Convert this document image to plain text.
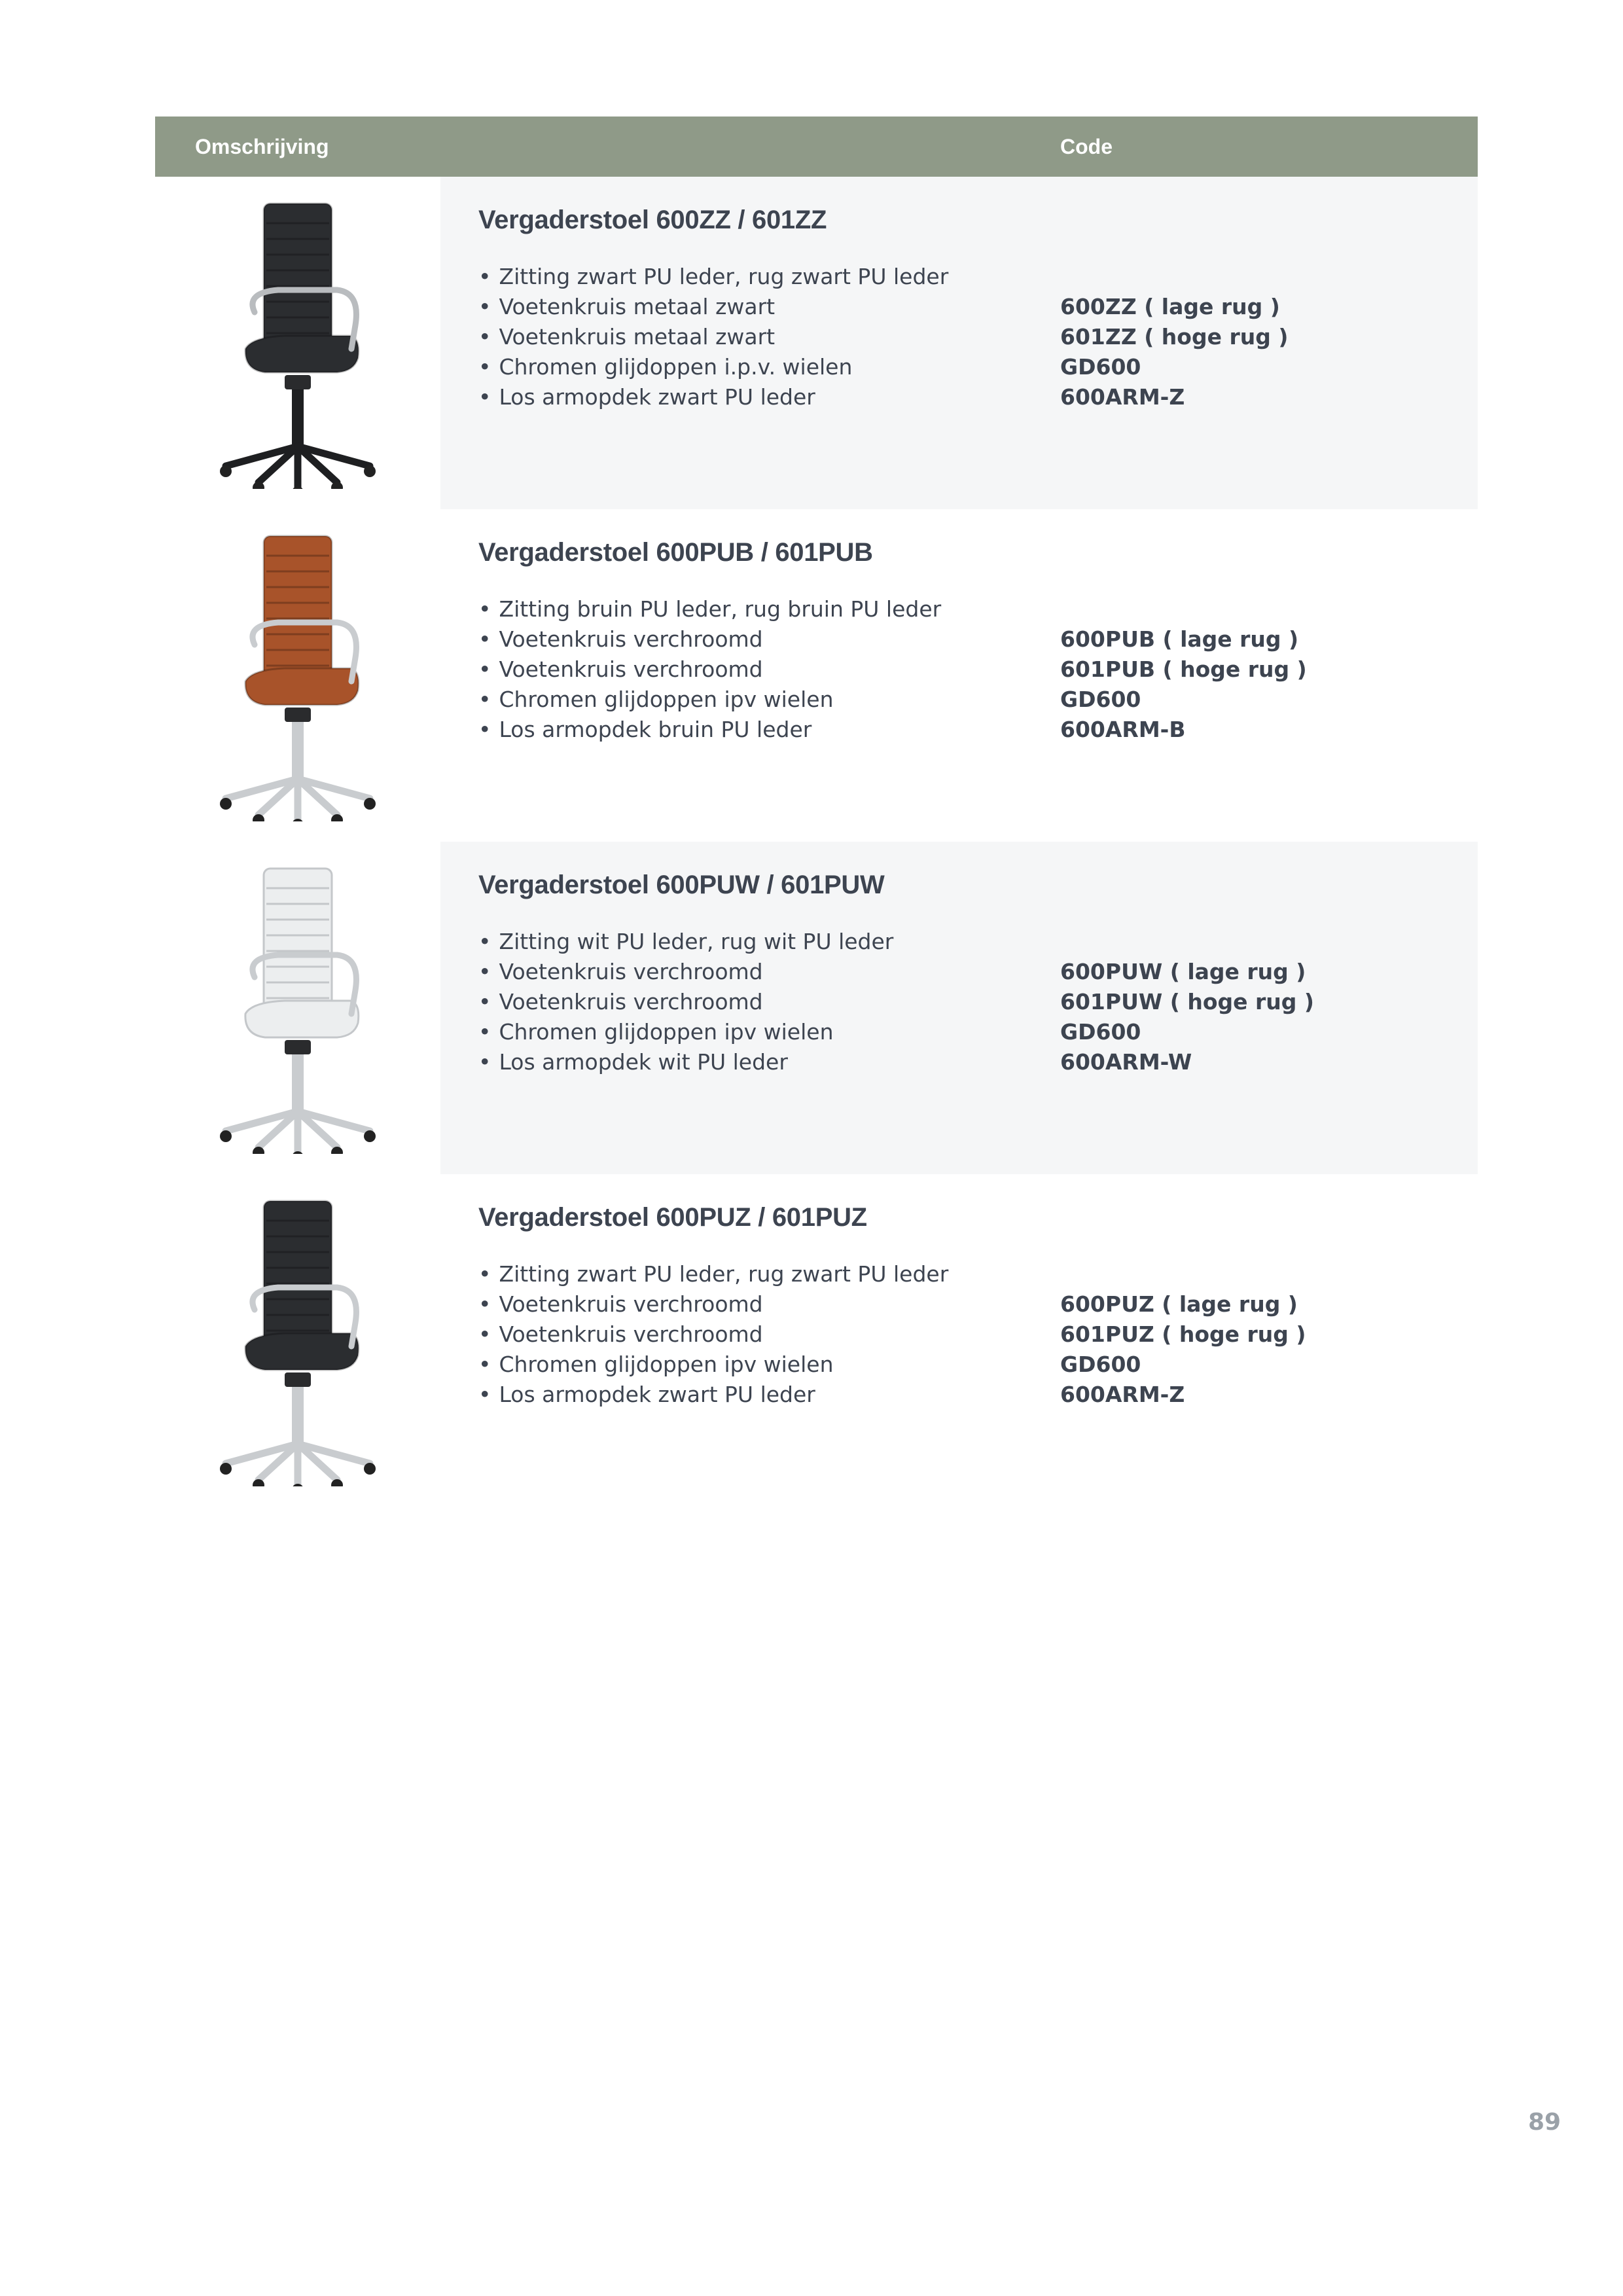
Omschrijving	Code
Vergaderstoel 600ZZ / 601ZZ
• Zitting zwart PU leder, rug zwart PU leder
• Voetenkruis metaal zwart
• Voetenkruis metaal zwart
• Chromen glijdoppen i.p.v. wielen
• Los armopdek zwart PU leder
600ZZ ( lage rug )
601ZZ ( hoge rug )
GD600
600ARM-Z
Vergaderstoel 600PUB / 601PUB
• Zitting bruin PU leder, rug bruin PU leder
• Voetenkruis verchroomd
• Voetenkruis verchroomd
• Chromen glijdoppen ipv wielen
• Los armopdek bruin PU leder
600PUB ( lage rug )
601PUB ( hoge rug )
GD600
600ARM-B
Vergaderstoel 600PUW / 601PUW
• Zitting wit PU leder, rug wit PU leder
• Voetenkruis verchroomd
• Voetenkruis verchroomd
• Chromen glijdoppen ipv wielen
• Los armopdek wit PU leder
600PUW ( lage rug )
601PUW ( hoge rug )
GD600
600ARM-W
Vergaderstoel 600PUZ / 601PUZ
• Zitting zwart PU leder, rug zwart PU leder
• Voetenkruis verchroomd
• Voetenkruis verchroomd
• Chromen glijdoppen ipv wielen
• Los armopdek zwart PU leder
600PUZ ( lage rug )
601PUZ ( hoge rug )
GD600
600ARM-Z
89
